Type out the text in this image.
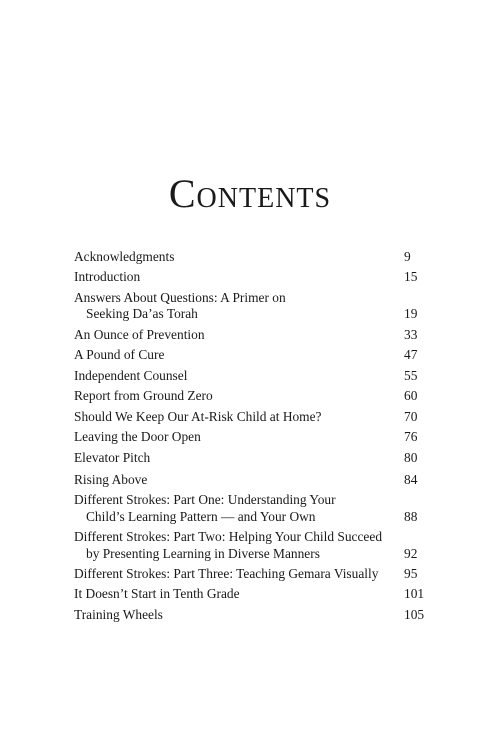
Contents
Acknowledgments	9
Introduction	15
Answers About Questions: A Primer on
Seeking Da’as Torah	19
An Ounce of Prevention	33
A Pound of Cure	47
Independent Counsel	55
Report from Ground Zero	60
Should We Keep Our At-Risk Child at Home?	70
Leaving the Door Open	76
Elevator Pitch	80
Rising Above	84
Different Strokes: Part One: Understanding Your
Child’s Learning Pattern — and Your Own	88
Different Strokes: Part Two: Helping Your Child Succeed
by Presenting Learning in Diverse Manners	92
Different Strokes: Part Three: Teaching Gemara Visually	95
It Doesn’t Start in Tenth Grade	101
Training Wheels	105
